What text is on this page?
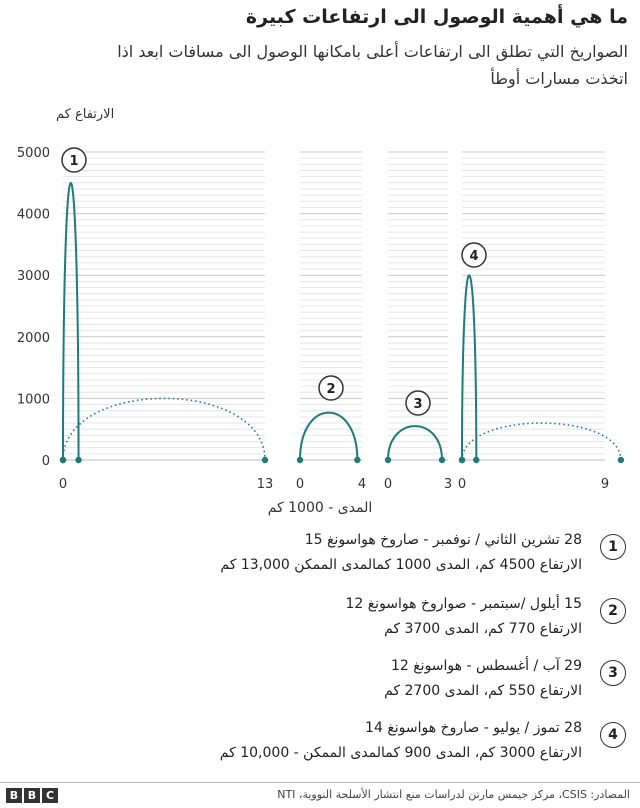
ما هي أهمية الوصول الى ارتفاعات كبيرة
الصواريخ التي تطلق الى ارتفاعات أعلى بامكانها الوصول الى مسافات ابعد اذا اتخذت مسارات أوطأ
الارتفاع كم
المدى - 1000 كم
0
1000
2000
3000
4000
5000
0	13
1
0	4
2
0	3
3
0	9
4
1
28 تشرين الثاني / نوفمبر - صاروخ هواسونغ 15
الارتفاع 4500 كم، المدى 1000 كمالمدى الممكن 13,000 كم
2
15 أيلول /سبتمبر - صواروخ هواسونغ 12
الارتفاع 770 كم، المدى 3700 كم
3
29 آب / أغسطس - هواسونغ 12
الارتفاع 550 كم، المدى 2700 كم
4
28 تموز / يوليو - صاروخ هواسونغ 14
الارتفاع 3000 كم، المدى 900 كمالمدى الممكن - 10,000 كم
B B C	المصادر: CSIS، مركز جيمس مارتن لدراسات منع انتشار الأسلحة النووية، NTI
